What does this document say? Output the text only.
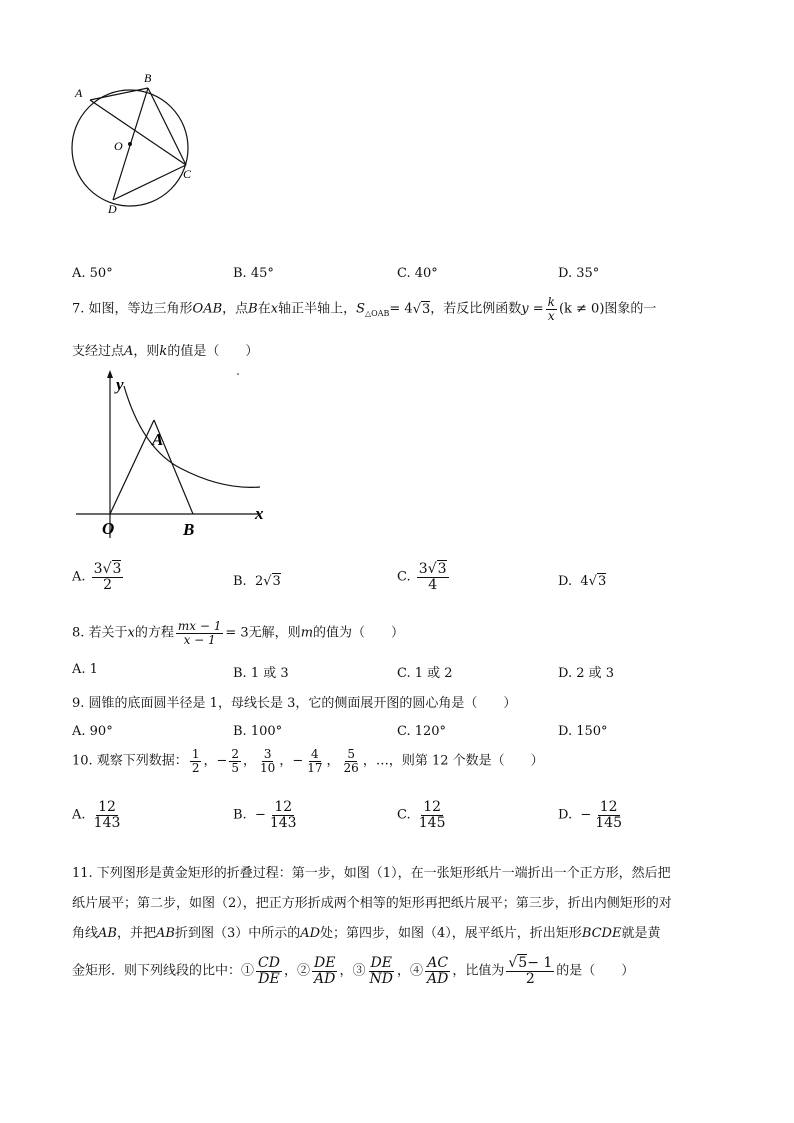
A
B
O
C
D
A. 50°	B. 45°	C. 40°	D. 35°
7. 如图，等边三角形OAB，点B在x轴正半轴上，$S_{\triangle OAB}= 4√3$，若反比例函数$y = \frac{k}{x} (k \ne 0)$图象的一
支经过点A，则k的值是（　　）
y
A
O	B
x
A. $\frac{3√3}{2}$	B. 2√3	C. $\frac{3√3}{4}$	D. 4√3
8. 若关于x的方程 $\frac{mx - 1}{x - 1} = 3$无解，则m的值为（　　）
A. 1	B. 1 或 3	C. 1 或 2	D. 2 或 3
9. 圆锥的底面圆半径是 1，母线长是 3，它的侧面展开图的圆心角是（　　）
A. 90°	B. 100°	C. 120°	D. 150°
10. 观察下列数据： $\frac{1}{2}$ ，− $\frac{2}{5}$ ， $\frac{3}{10}$ ，− $\frac{4}{17}$ ， $\frac{5}{26}$ ，…，则第 12 个数是（　　）
A. $\frac{12}{143}$	B. − $\frac{12}{143}$	C. $\frac{12}{145}$	D. − $\frac{12}{145}$
11. 下列图形是黄金矩形的折叠过程：第一步，如图（1），在一张矩形纸片一端折出一个正方形，然后把
纸片展平；第二步，如图（2），把正方形折成两个相等的矩形再把纸片展平；第三步，折出内侧矩形的对
角线AB，并把AB折到图（3）中所示的AD处；第四步，如图（4），展平纸片，折出矩形BCDE就是黄
金矩形．则下列线段的比中：① $\frac{CD}{DE}$ ，② $\frac{DE}{AD}$ ，③ $\frac{DE}{ND}$ ，④ $\frac{AC}{AD}$ ，比值为 $\frac{√5- 1}{2}$ 的是（　　）
